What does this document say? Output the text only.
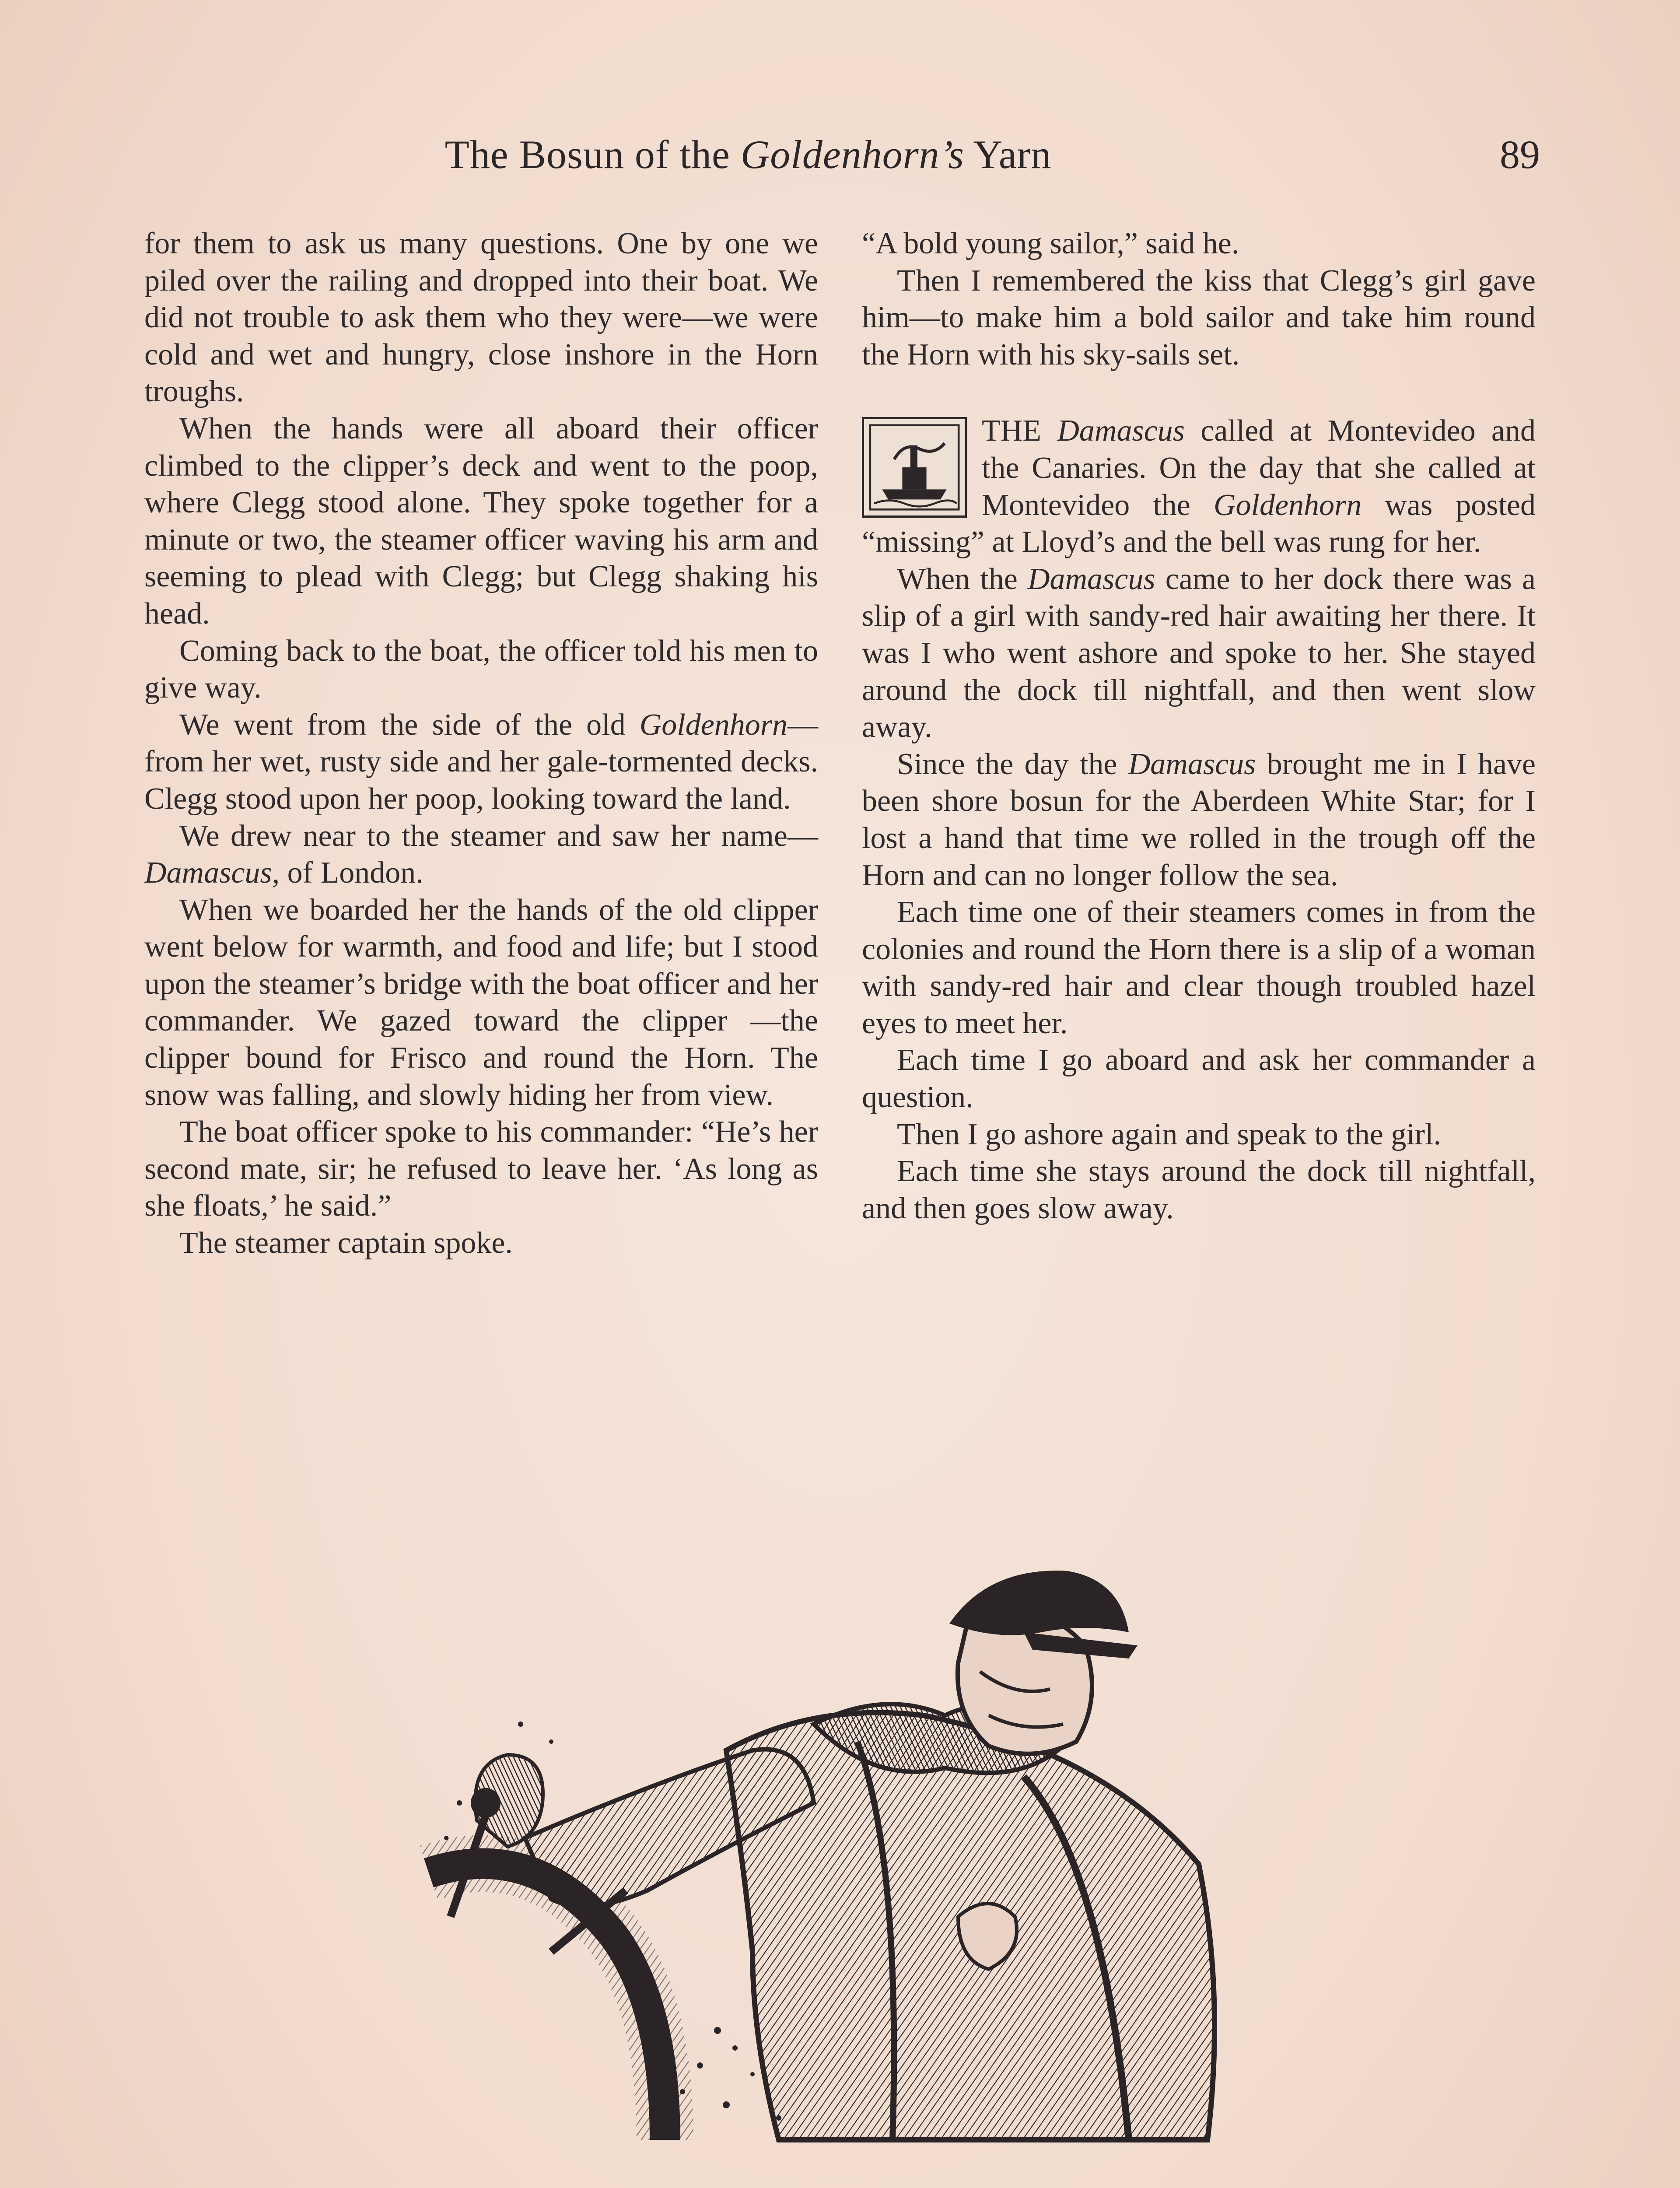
The Bosun of the Goldenhorn’s Yarn	89

for them to ask us many questions. One by one we piled over the railing and dropped into their boat. We did not trouble to ask them who they were—we were cold and wet and hungry, close inshore in the Horn troughs.

When the hands were all aboard their officer climbed to the clipper’s deck and went to the poop, where Clegg stood alone. They spoke together for a minute or two, the steamer officer waving his arm and seeming to plead with Clegg; but Clegg shaking his head.

Coming back to the boat, the officer told his men to give way.

We went from the side of the old Goldenhorn—from her wet, rusty side and her gale-tormented decks. Clegg stood upon her poop, looking toward the land.

We drew near to the steamer and saw her name—Damascus, of London.

When we boarded her the hands of the old clipper went below for warmth, and food and life; but I stood upon the steamer’s bridge with the boat officer and her commander. We gazed toward the clipper —the clipper bound for Frisco and round the Horn. The snow was falling, and slowly hiding her from view.

The boat officer spoke to his commander: “He’s her second mate, sir; he refused to leave her. ‘As long as she floats,’ he said.”

The steamer captain spoke.

“A bold young sailor,” said he.

Then I remembered the kiss that Clegg’s girl gave him—to make him a bold sailor and take him round the Horn with his sky-sails set.

THE Damascus called at Montevideo and the Canaries. On the day that she called at Montevideo the Goldenhorn was posted “missing” at Lloyd’s and the bell was rung for her.

When the Damascus came to her dock there was a slip of a girl with sandy-red hair awaiting her there. It was I who went ashore and spoke to her. She stayed around the dock till nightfall, and then went slow away.

Since the day the Damascus brought me in I have been shore bosun for the Aberdeen White Star; for I lost a hand that time we rolled in the trough off the Horn and can no longer follow the sea.

Each time one of their steamers comes in from the colonies and round the Horn there is a slip of a woman with sandy-red hair and clear though troubled hazel eyes to meet her.

Each time I go aboard and ask her commander a question.

Then I go ashore again and speak to the girl.

Each time she stays around the dock till nightfall, and then goes slow away.
